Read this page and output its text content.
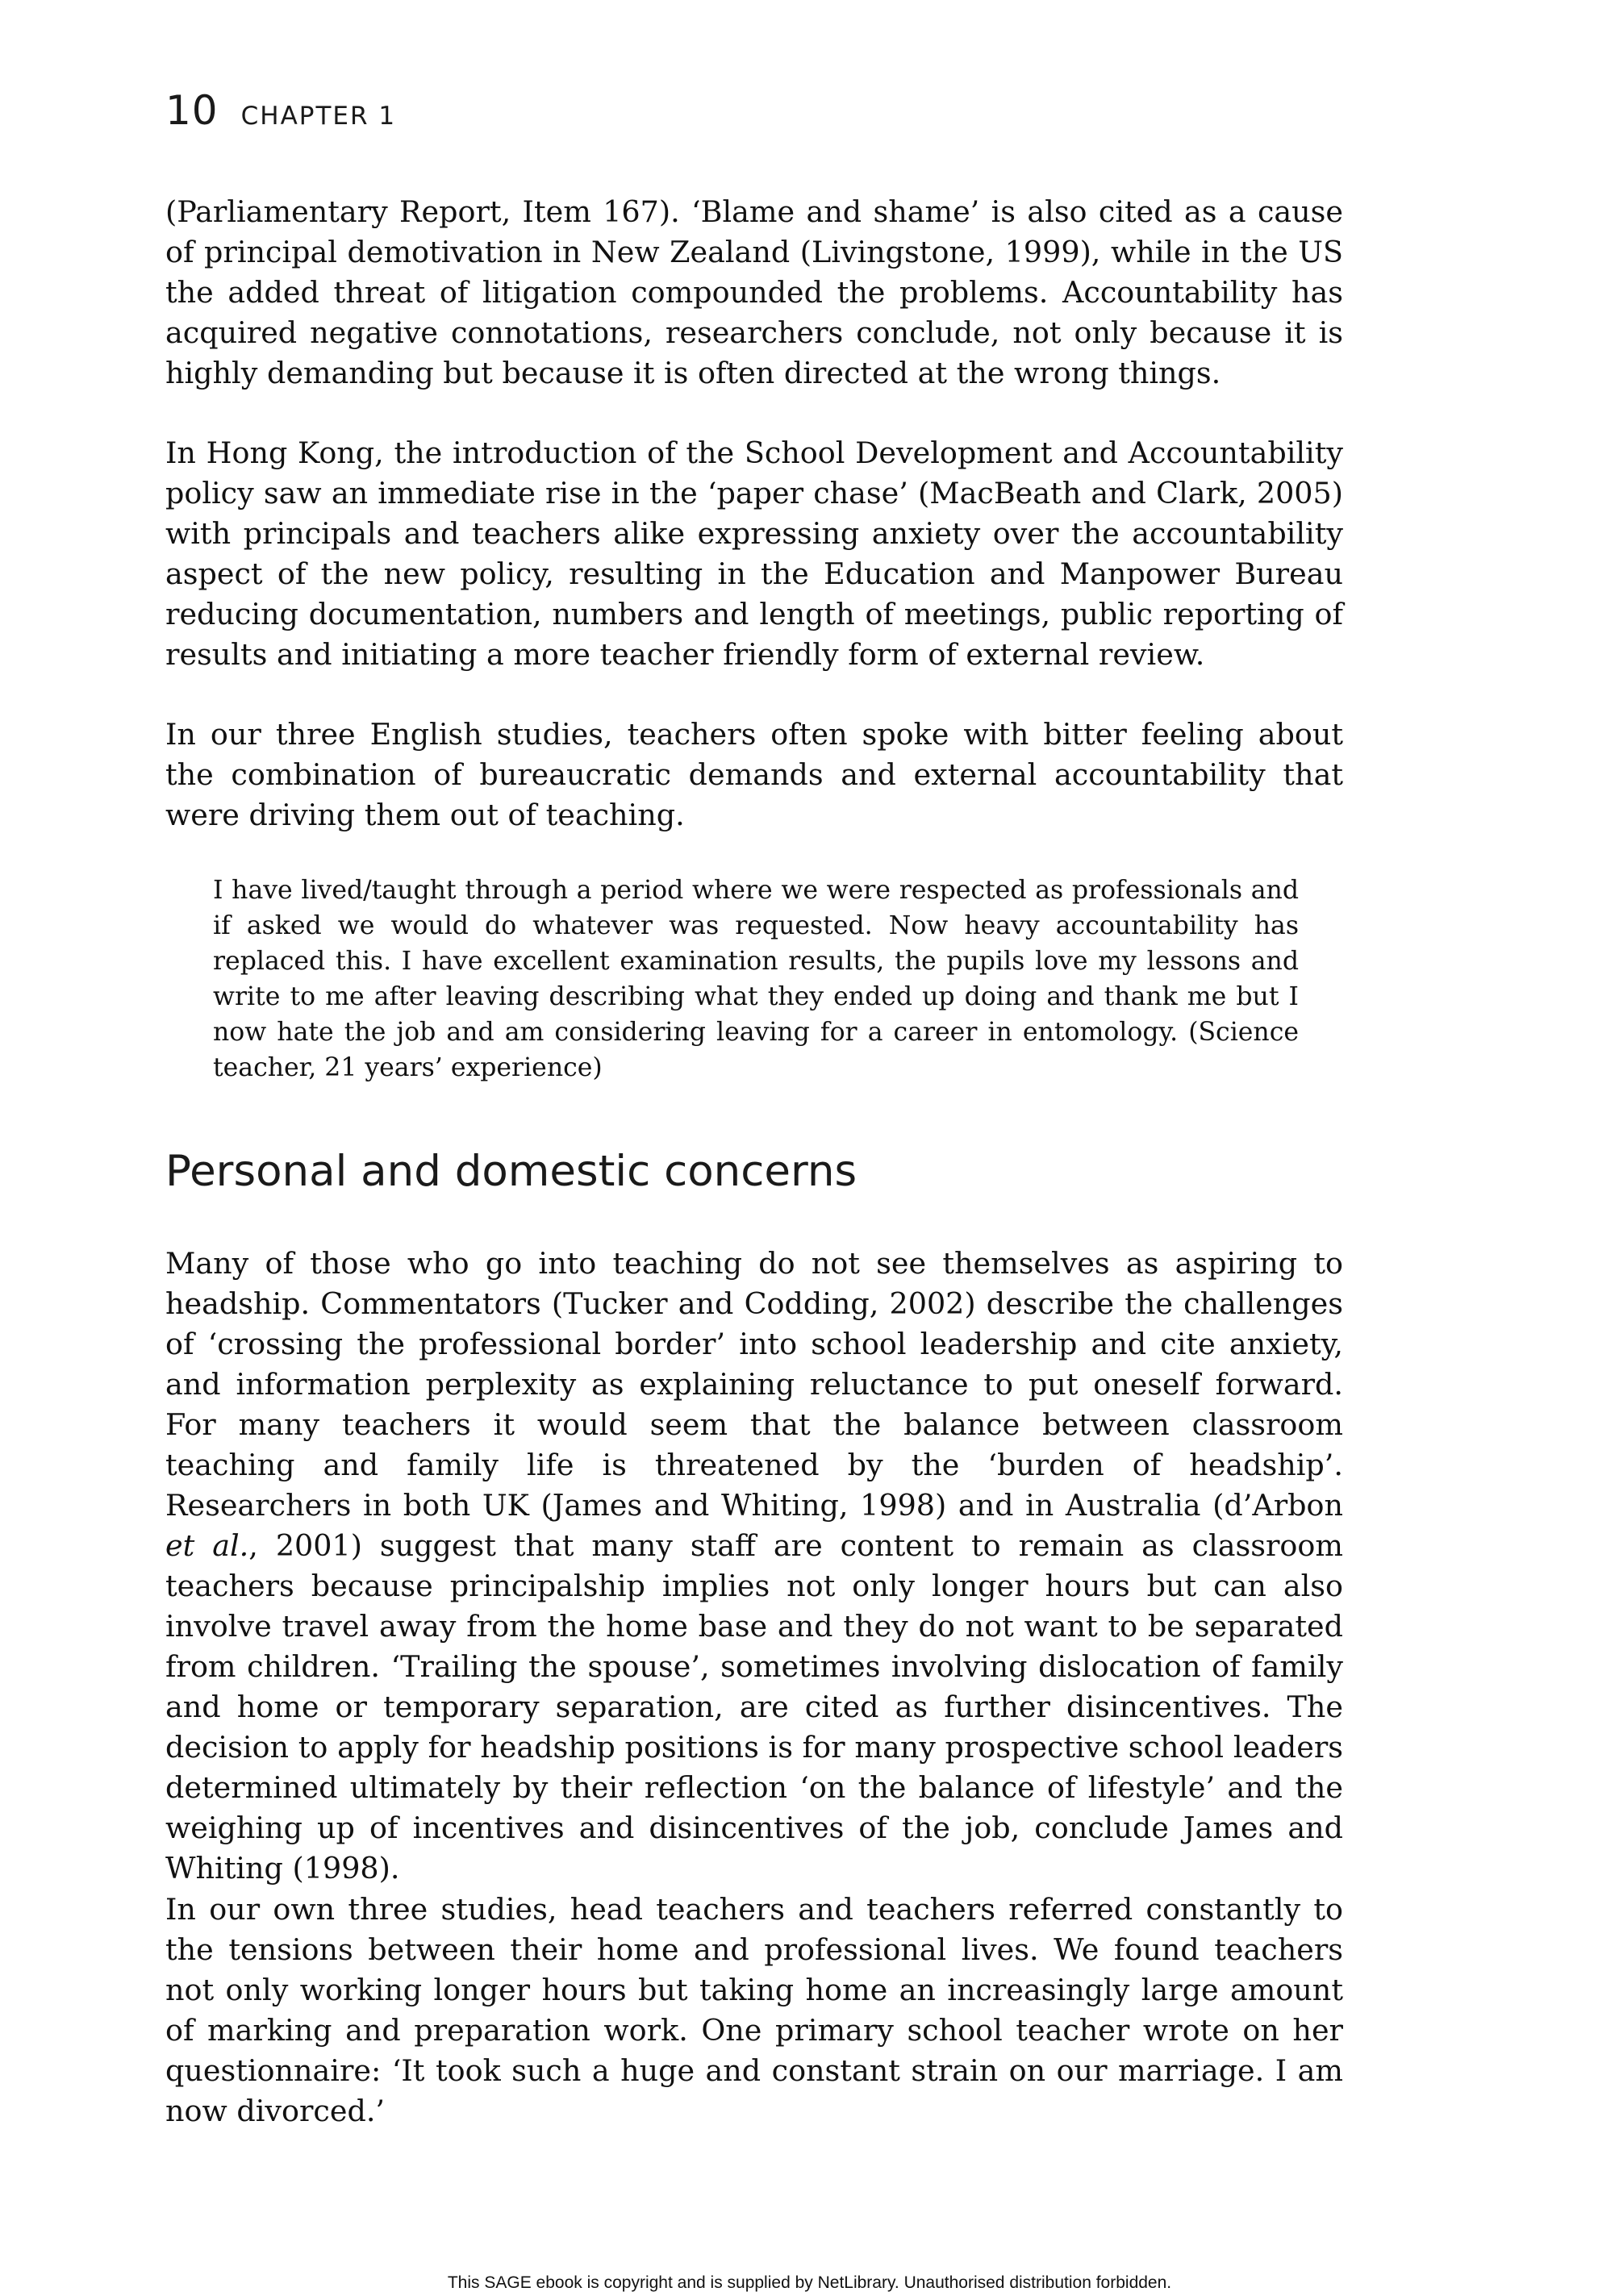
10 CHAPTER 1

(Parliamentary Report, Item 167). ‘Blame and shame’ is also cited as a cause of principal demotivation in New Zealand (Livingstone, 1999), while in the US the added threat of litigation compounded the problems. Accountability has acquired negative connotations, researchers conclude, not only because it is highly demanding but because it is often directed at the wrong things.

In Hong Kong, the introduction of the School Development and Accountability policy saw an immediate rise in the ‘paper chase’ (MacBeath and Clark, 2005) with principals and teachers alike expressing anxiety over the accountability aspect of the new policy, resulting in the Education and Manpower Bureau reducing documentation, numbers and length of meetings, public reporting of results and initiating a more teacher friendly form of external review.

In our three English studies, teachers often spoke with bitter feeling about the combination of bureaucratic demands and external accountability that were driving them out of teaching.

I have lived/taught through a period where we were respected as professionals and if asked we would do whatever was requested. Now heavy accountability has replaced this. I have excellent examination results, the pupils love my lessons and write to me after leaving describing what they ended up doing and thank me but I now hate the job and am considering leaving for a career in entomology. (Science teacher, 21 years’ experience)

Personal and domestic concerns

Many of those who go into teaching do not see themselves as aspiring to headship. Commentators (Tucker and Codding, 2002) describe the challenges of ‘crossing the professional border’ into school leadership and cite anxiety, and information perplexity as explaining reluctance to put oneself forward. For many teachers it would seem that the balance between classroom teaching and family life is threatened by the ‘burden of headship’. Researchers in both UK (James and Whiting, 1998) and in Australia (d’Arbon et al., 2001) suggest that many staff are content to remain as classroom teachers because principalship implies not only longer hours but can also involve travel away from the home base and they do not want to be separated from children. ‘Trailing the spouse’, sometimes involving dislocation of family and home or temporary separation, are cited as further disincentives. The decision to apply for headship positions is for many prospective school leaders determined ultimately by their reflection ‘on the balance of lifestyle’ and the weighing up of incentives and disincentives of the job, conclude James and Whiting (1998).

In our own three studies, head teachers and teachers referred constantly to the tensions between their home and professional lives. We found teachers not only working longer hours but taking home an increasingly large amount of marking and preparation work. One primary school teacher wrote on her questionnaire: ‘It took such a huge and constant strain on our marriage. I am now divorced.’

This SAGE ebook is copyright and is supplied by NetLibrary. Unauthorised distribution forbidden.
